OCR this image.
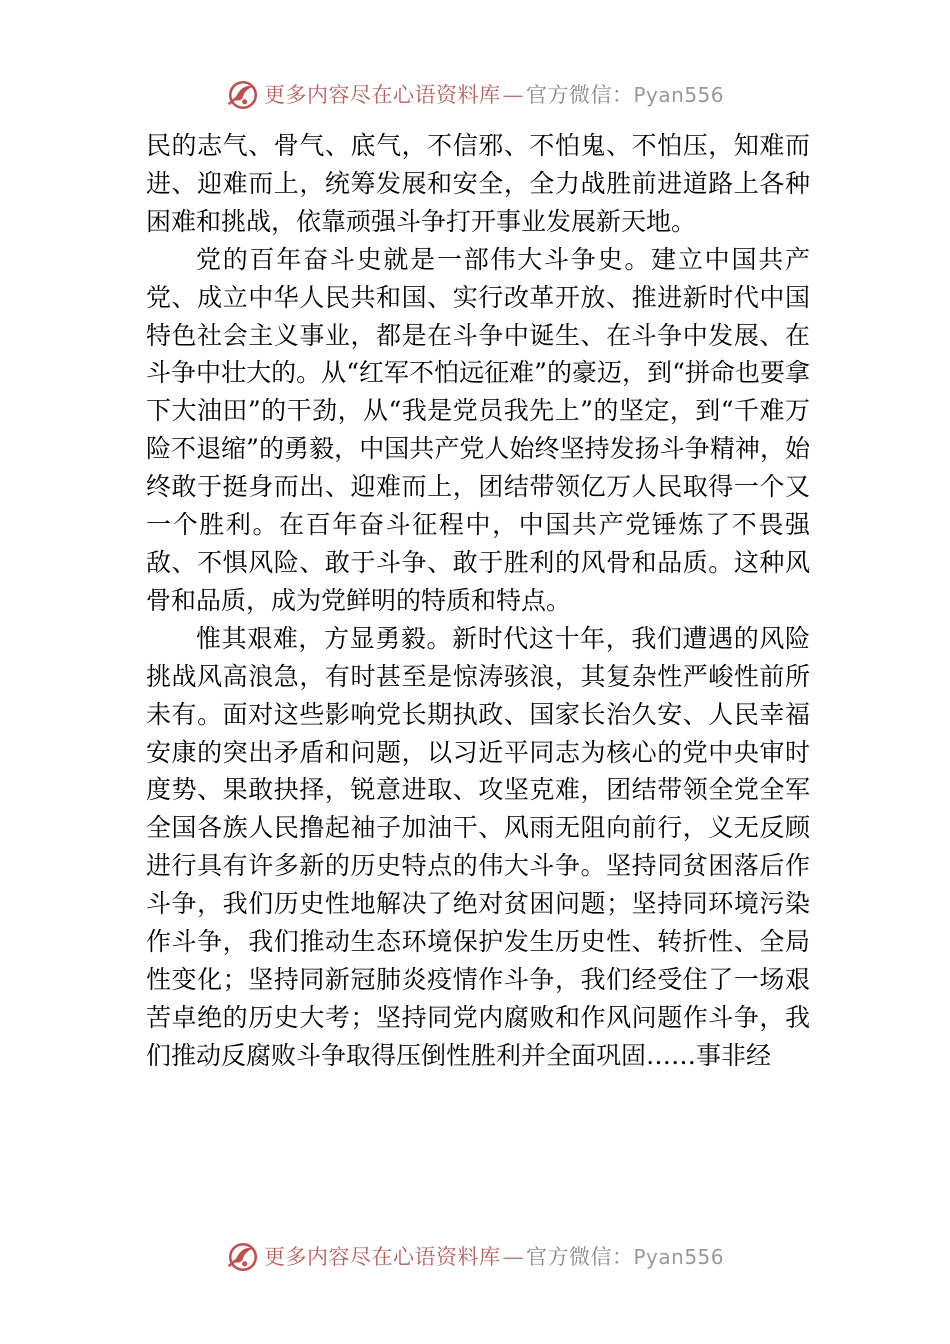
更多内容尽在心语资料库—官方微信：Pyan556

民的志气、骨气、底气，不信邪、不怕鬼、不怕压，知难而进、迎难而上，统筹发展和安全，全力战胜前进道路上各种困难和挑战，依靠顽强斗争打开事业发展新天地。

党的百年奋斗史就是一部伟大斗争史。建立中国共产党、成立中华人民共和国、实行改革开放、推进新时代中国特色社会主义事业，都是在斗争中诞生、在斗争中发展、在斗争中壮大的。从“红军不怕远征难”的豪迈，到“拼命也要拿下大油田”的干劲，从“我是党员我先上”的坚定，到“千难万险不退缩”的勇毅，中国共产党人始终坚持发扬斗争精神，始终敢于挺身而出、迎难而上，团结带领亿万人民取得一个又一个胜利。在百年奋斗征程中，中国共产党锤炼了不畏强敌、不惧风险、敢于斗争、敢于胜利的风骨和品质。这种风骨和品质，成为党鲜明的特质和特点。

惟其艰难，方显勇毅。新时代这十年，我们遭遇的风险挑战风高浪急，有时甚至是惊涛骇浪，其复杂性严峻性前所未有。面对这些影响党长期执政、国家长治久安、人民幸福安康的突出矛盾和问题，以习近平同志为核心的党中央审时度势、果敢抉择，锐意进取、攻坚克难，团结带领全党全军全国各族人民撸起袖子加油干、风雨无阻向前行，义无反顾进行具有许多新的历史特点的伟大斗争。坚持同贫困落后作斗争，我们历史性地解决了绝对贫困问题；坚持同环境污染作斗争，我们推动生态环境保护发生历史性、转折性、全局性变化；坚持同新冠肺炎疫情作斗争，我们经受住了一场艰苦卓绝的历史大考；坚持同党内腐败和作风问题作斗争，我们推动反腐败斗争取得压倒性胜利并全面巩固……事非经

更多内容尽在心语资料库—官方微信：Pyan556
